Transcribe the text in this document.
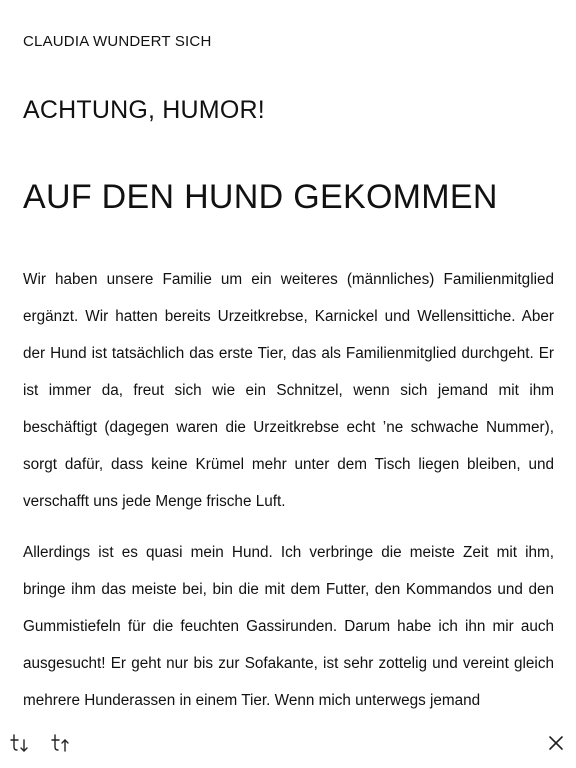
CLAUDIA WUNDERT SICH
ACHTUNG, HUMOR!
AUF DEN HUND GEKOMMEN

Wir haben unsere Familie um ein weiteres (männliches) Familienmitglied ergänzt. Wir hatten bereits Urzeitkrebse, Karnickel und Wellensittiche. Aber der Hund ist tatsächlich das erste Tier, das als Familienmitglied durchgeht. Er ist immer da, freut sich wie ein Schnitzel, wenn sich jemand mit ihm beschäftigt (dagegen waren die Urzeitkrebse echt ’ne schwache Nummer), sorgt dafür, dass keine Krümel mehr unter dem Tisch liegen bleiben, und verschafft uns jede Menge frische Luft.

Allerdings ist es quasi mein Hund. Ich verbringe die meiste Zeit mit ihm, bringe ihm das meiste bei, bin die mit dem Futter, den Kommandos und den Gummistiefeln für die feuchten Gassirunden. Darum habe ich ihn mir auch ausgesucht! Er geht nur bis zur Sofakante, ist sehr zottelig und vereint gleich mehrere Hunderassen in einem Tier. Wenn mich unterwegs jemand
